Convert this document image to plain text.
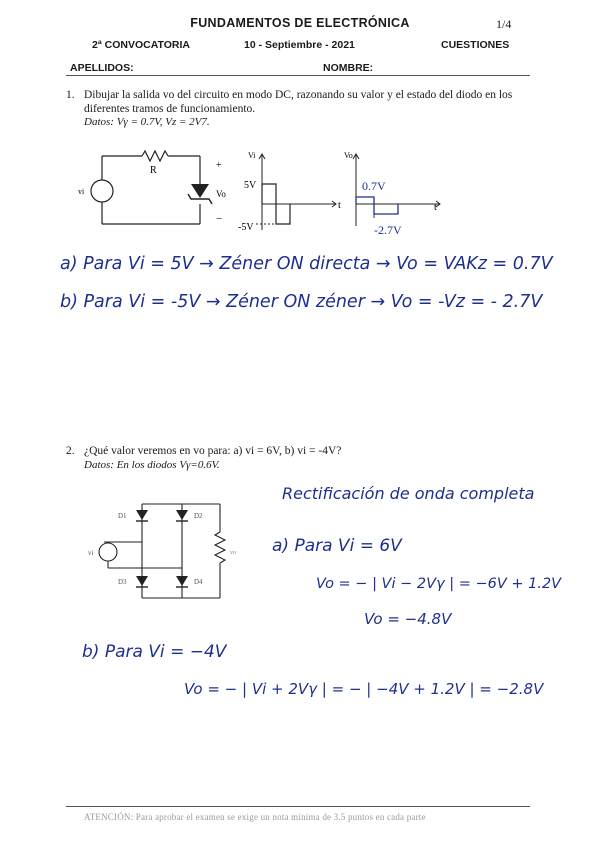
FUNDAMENTOS DE ELECTRÓNICA	1/4
2ª CONVOCATORIA	10 - Septiembre - 2021	CUESTIONES
APELLIDOS:	NOMBRE:
1. Dibujar la salida vo del circuito en modo DC, razonando su valor y el estado del diodo en los
diferentes tramos de funcionamiento.
Datos: Vγ = 0.7V, Vz = 2V7.
R
vi
+
−
Vo
Vi
5V
-5V
t
Vo
0.7V
-2.7V
t
a) Para Vi = 5V → Zéner ON directa → Vo = VAKz = 0.7V
b) Para Vi = -5V → Zéner ON zéner → Vo = -Vz = - 2.7V
2. ¿Qué valor veremos en vo para: a) vi = 6V, b) vi = -4V?
Datos: En los diodos Vγ=0.6V.
D1	D2
D3	D4
vi	vo
Rectificación de onda completa
a) Para Vi = 6V
Vo = − | Vi − 2Vγ | = −6V + 1.2V
Vo = −4.8V
b) Para Vi = −4V
Vo = − | Vi + 2Vγ | = − | −4V + 1.2V | = −2.8V
ATENCIÓN: Para aprobar el examen se exige un nota mínima de 3.5 puntos en cada parte
